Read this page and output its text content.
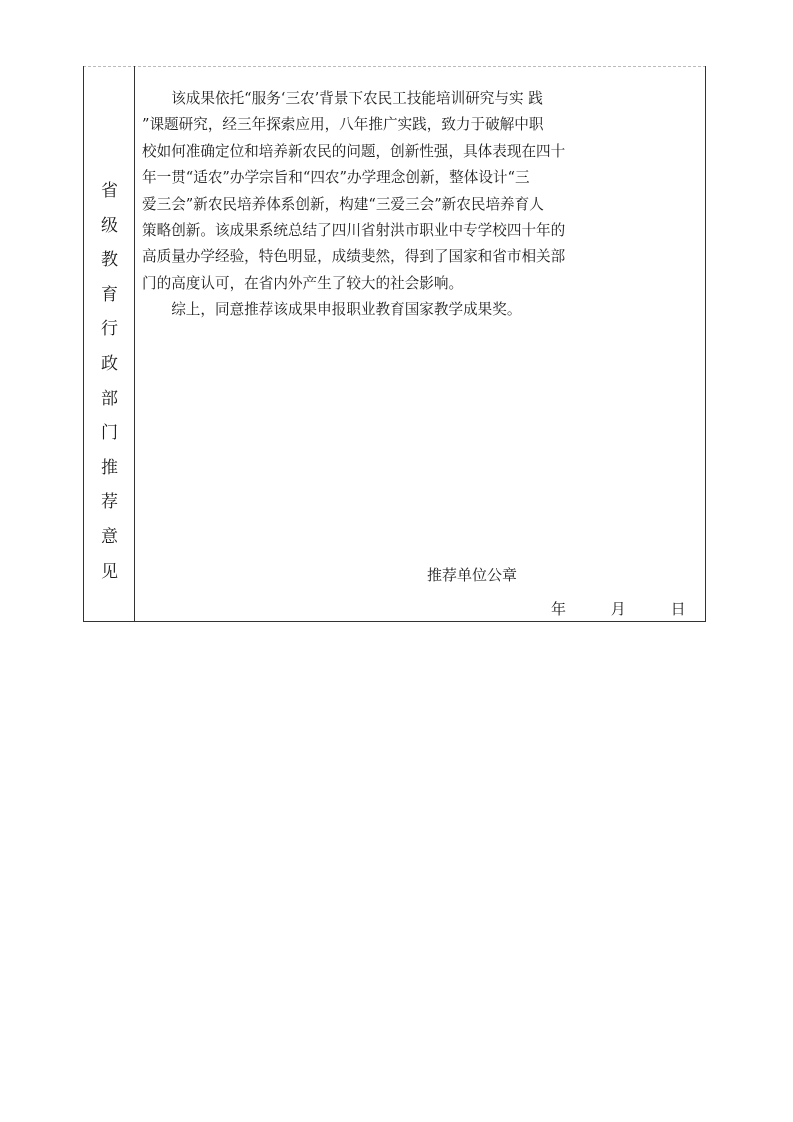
省
级
教
育
行
政
部
门
推
荐
意
见
该成果依托“服务‘三农’背景下农民工技能培训研究与实 践
”课题研究，经三年探索应用，八年推广实践，致力于破解中职
校如何准确定位和培养新农民的问题，创新性强，具体表现在四十
年一贯“适农”办学宗旨和“四农”办学理念创新，整体设计“三
爱三会”新农民培养体系创新，构建“三爱三会”新农民培养育人
策略创新。该成果系统总结了四川省射洪市职业中专学校四十年的
高质量办学经验，特色明显，成绩斐然，得到了国家和省市相关部
门的高度认可，在省内外产生了较大的社会影响。
综上，同意推荐该成果申报职业教育国家教学成果奖。
推荐单位公章
年	月	日
